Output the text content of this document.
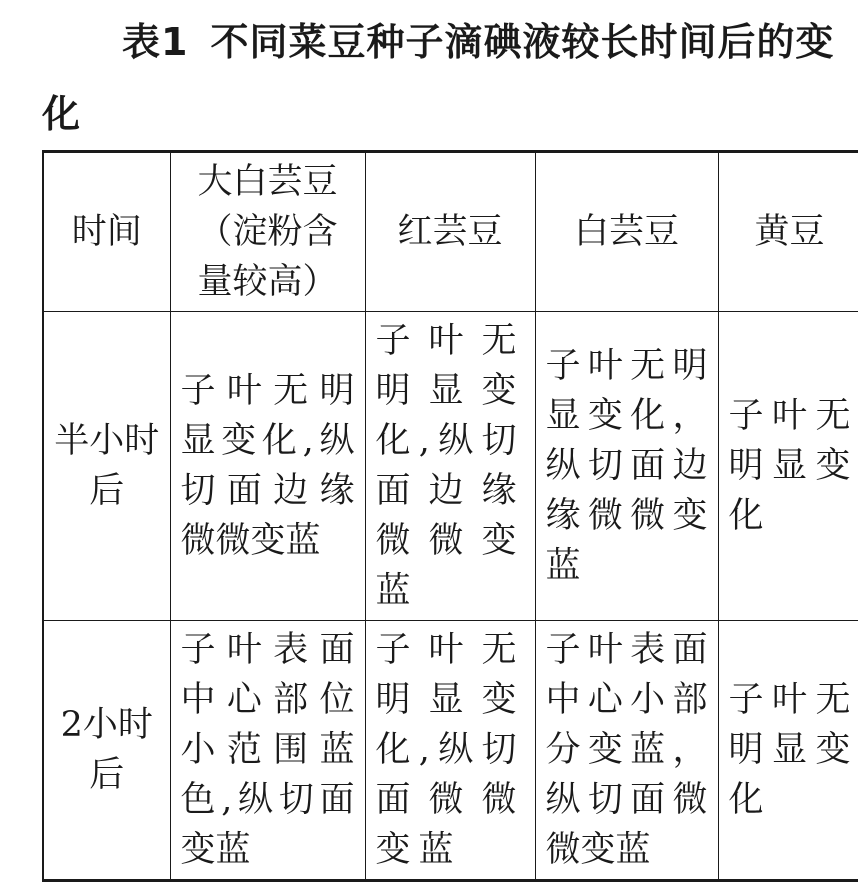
表1 不同菜豆种子滴碘液较长时间后的变化
时间	大白芸豆（淀粉含量较高）	红芸豆	白芸豆	黄豆
半小时后	子叶无明显变化,纵切面边缘微微变蓝	子叶无明显变化,纵切面边缘微微变蓝	子叶无明显变化，纵切面边缘微微变蓝	子叶无明显变化
2小时后	子叶表面中心部位小范围蓝色,纵切面变蓝	子叶无明显变化,纵切面微微变蓝	子叶表面中心小部分变蓝，纵切面微微变蓝	子叶无明显变化
